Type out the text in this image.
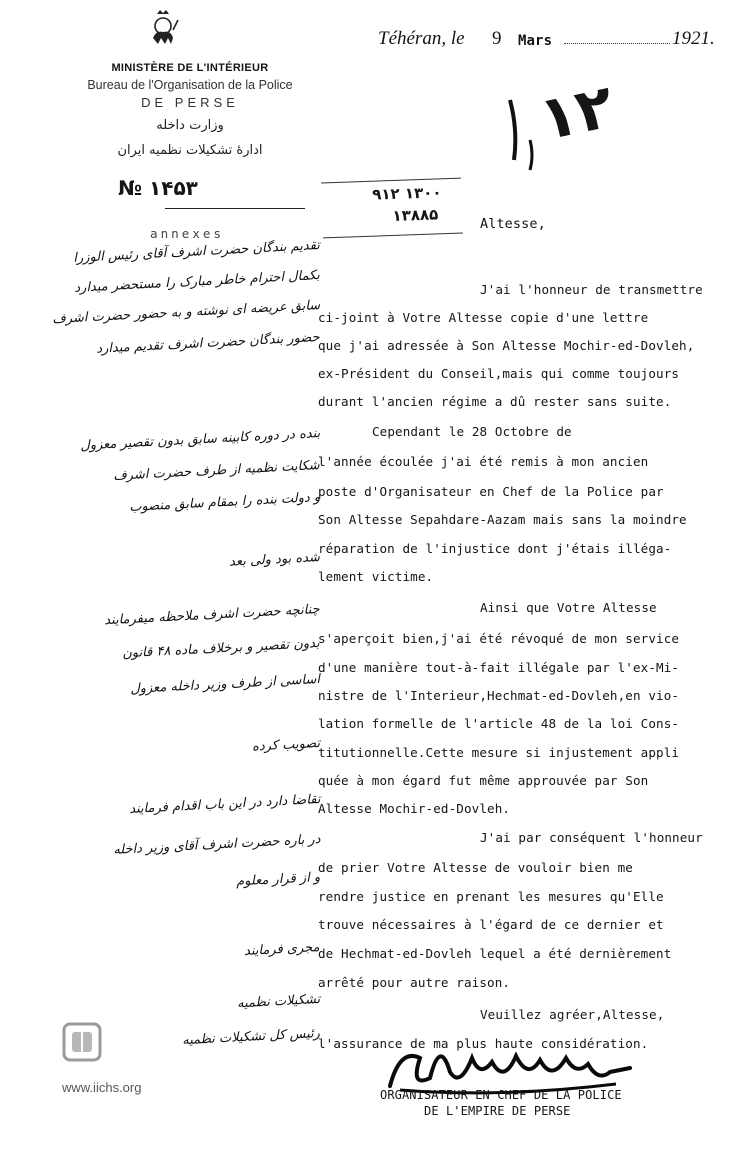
MINISTÈRE DE L'INTÉRIEUR
Bureau de l'Organisation de la Police
DE PERSE
وزارت داخله
ادارهٔ تشکیلات نظمیه ایران
№ ۱۴۵۳
annexes
Téhéran, le 9 Mars	1921.
۱۳۰۰ ۹۱۲
۱۳۸۸۵
۱۲
Altesse,
J'ai l'honneur de transmettre
ci-joint à Votre Altesse copie d'une lettre
que j'ai adressée à Son Altesse Mochir-ed-Dovleh,
ex-Président du Conseil,mais qui comme toujours
durant l'ancien régime a dû rester sans suite.
Cependant le 28 Octobre de
l'année écoulée j'ai été remis à mon ancien
poste d'Organisateur en Chef de la Police par
Son Altesse Sepahdare-Aazam mais sans la moindre
réparation de l'injustice dont j'étais illéga-
lement victime.
Ainsi que Votre Altesse
s'aperçoit bien,j'ai été révoqué de mon service
d'une manière tout-à-fait illégale par l'ex-Mi-
nistre de l'Interieur,Hechmat-ed-Dovleh,en vio-
lation formelle de l'article 48 de la loi Cons-
titutionnelle.Cette mesure si injustement appli
quée à mon égard fut même approuvée par Son
Altesse Mochir-ed-Dovleh.
J'ai par conséquent l'honneur
de prier Votre Altesse de vouloir bien me
rendre justice en prenant les mesures qu'Elle
trouve nécessaires à l'égard de ce dernier et
de Hechmat-ed-Dovleh lequel a été dernièrement
arrêté pour autre raison.
Veuillez agréer,Altesse,
l'assurance de ma plus haute considération.
ORGANISATEUR EN CHEF DE LA POLICE
DE L'EMPIRE DE PERSE
تقدیم بندگان حضرت اشرف آقای رئیس الوزرا
بکمال احترام خاطر مبارک را مستحضر میدارد
سابق عریضه ای نوشته و به حضور حضرت اشرف
حضور بندگان حضرت اشرف تقدیم میدارد
بنده در دوره کابینه سابق بدون تقصیر معزول
شکایت نظمیه از طرف حضرت اشرف
و دولت بنده را بمقام سابق منصوب
شده بود ولی بعد
چنانچه حضرت اشرف ملاحظه میفرمایند
بدون تقصیر و برخلاف ماده ۴۸ قانون
اساسی از طرف وزیر داخله معزول
تصویب کرده
تقاضا دارد در این باب اقدام فرمایند
در باره حضرت اشرف آقای وزیر داخله
و از قرار معلوم
مجری فرمایند
تشکیلات نظمیه
رئیس کل تشکیلات نظمیه
www.iichs.org
